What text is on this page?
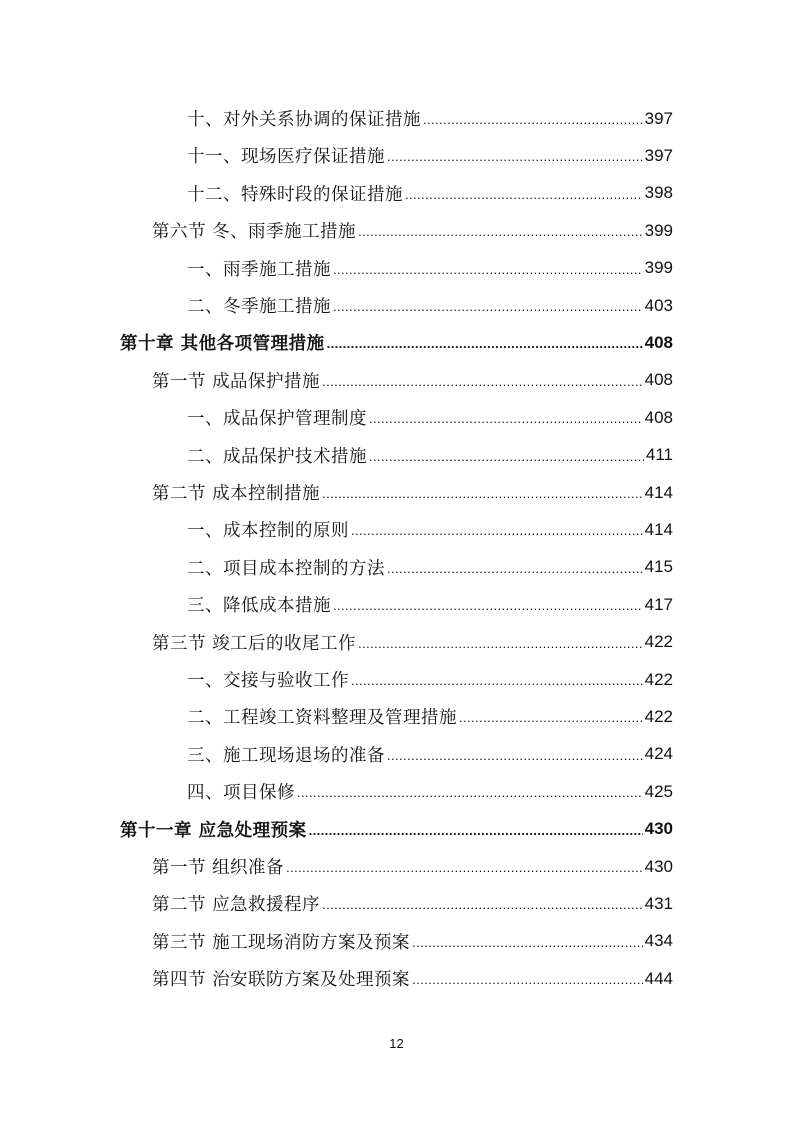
十、对外关系协调的保证措施 .....	397
十一、现场医疗保证措施 .....	397
十二、特殊时段的保证措施 .....	398
第六节 冬、雨季施工措施 .....	399
一、雨季施工措施 .....	399
二、冬季施工措施 .....	403
第十章 其他各项管理措施 .....	408
第一节 成品保护措施 .....	408
一、成品保护管理制度 .....	408
二、成品保护技术措施 .....	411
第二节 成本控制措施 .....	414
一、成本控制的原则 .....	414
二、项目成本控制的方法 .....	415
三、降低成本措施 .....	417
第三节 竣工后的收尾工作 .....	422
一、交接与验收工作 .....	422
二、工程竣工资料整理及管理措施 .....	422
三、施工现场退场的准备 .....	424
四、项目保修 .....	425
第十一章 应急处理预案 .....	430
第一节 组织准备 .....	430
第二节 应急救援程序 .....	431
第三节 施工现场消防方案及预案 .....	434
第四节 治安联防方案及处理预案 .....	444
12
